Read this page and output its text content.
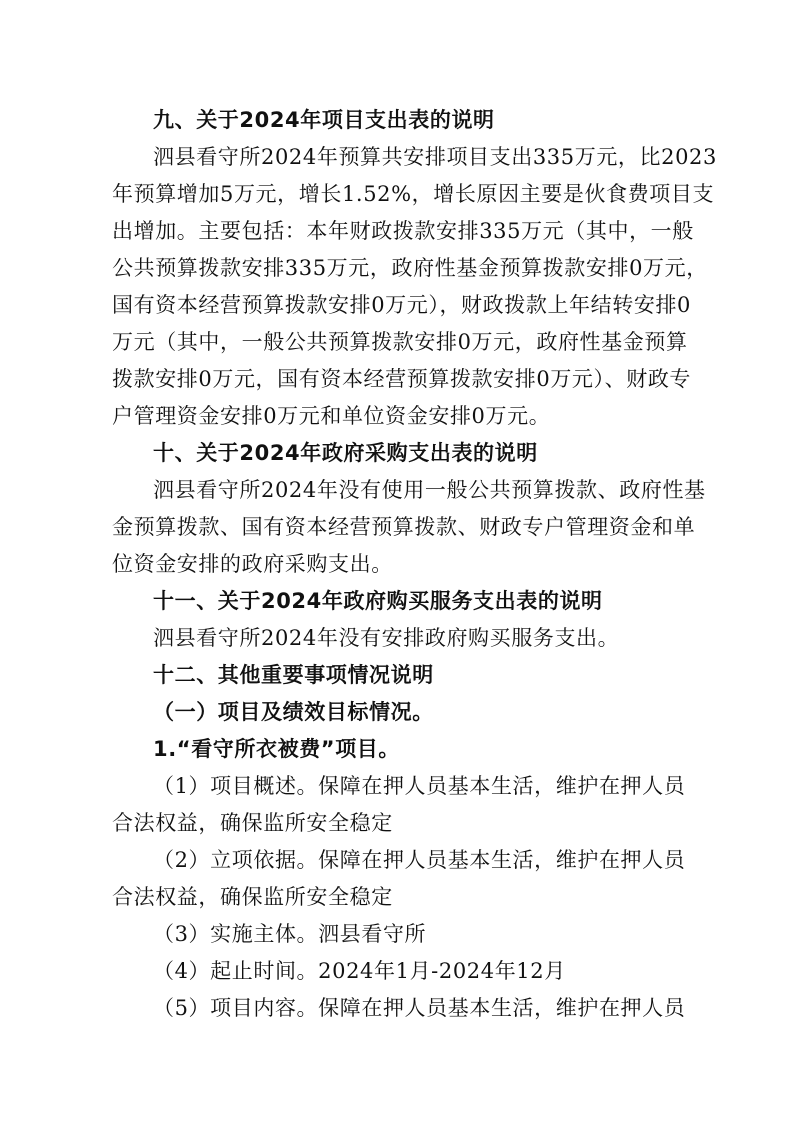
九、关于2024年项目支出表的说明

泗县看守所2024年预算共安排项目支出335万元，比2023

年预算增加5万元，增长1.52%，增长原因主要是伙食费项目支

出增加。主要包括：本年财政拨款安排335万元（其中，一般

公共预算拨款安排335万元，政府性基金预算拨款安排0万元，

国有资本经营预算拨款安排0万元），财政拨款上年结转安排0

万元（其中，一般公共预算拨款安排0万元，政府性基金预算

拨款安排0万元，国有资本经营预算拨款安排0万元）、财政专

户管理资金安排0万元和单位资金安排0万元。

十、关于2024年政府采购支出表的说明

泗县看守所2024年没有使用一般公共预算拨款、政府性基

金预算拨款、国有资本经营预算拨款、财政专户管理资金和单

位资金安排的政府采购支出。

十一、关于2024年政府购买服务支出表的说明

泗县看守所2024年没有安排政府购买服务支出。

十二、其他重要事项情况说明

（一）项目及绩效目标情况。

1.“看守所衣被费”项目。

（1）项目概述。保障在押人员基本生活，维护在押人员

合法权益，确保监所安全稳定

（2）立项依据。保障在押人员基本生活，维护在押人员

合法权益，确保监所安全稳定

（3）实施主体。泗县看守所

（4）起止时间。2024年1月-2024年12月

（5）项目内容。保障在押人员基本生活，维护在押人员
